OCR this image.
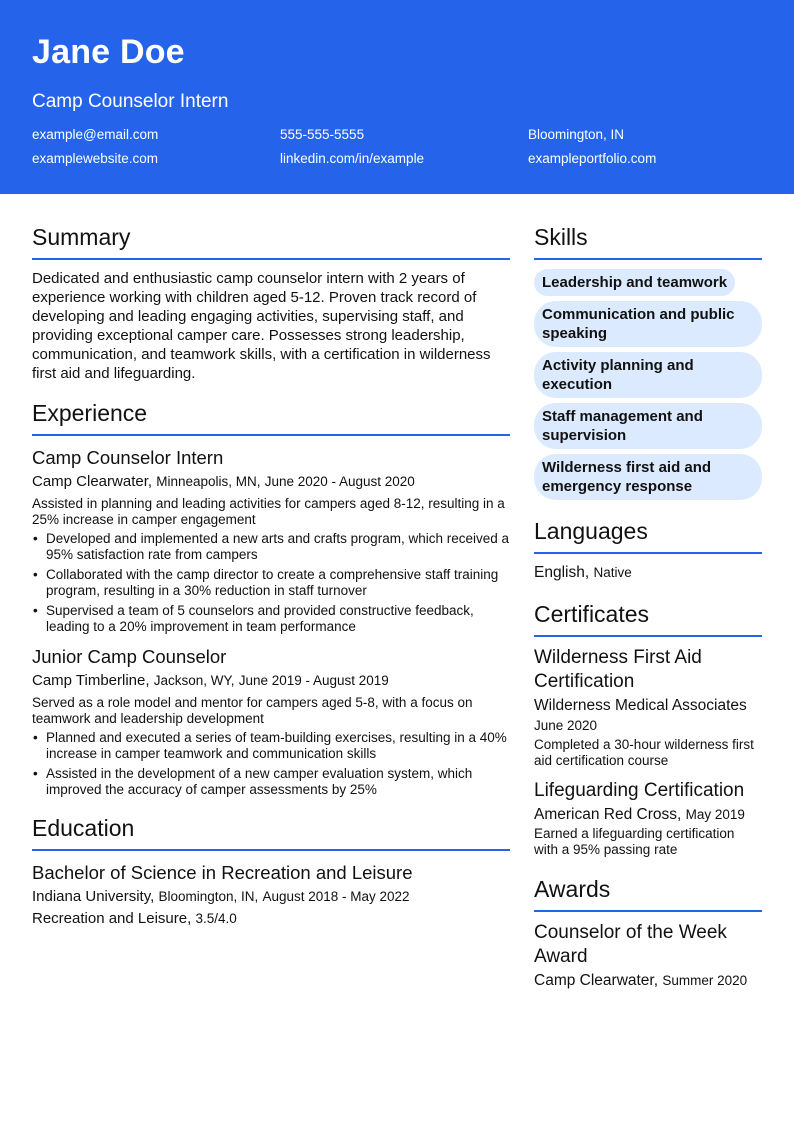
Jane Doe
Camp Counselor Intern
example@email.com	555-555-5555	Bloomington, IN
examplewebsite.com	linkedin.com/in/example	exampleportfolio.com
Summary

Dedicated and enthusiastic camp counselor intern with 2 years of experience working with children aged 5-12. Proven track record of developing and leading engaging activities, supervising staff, and providing exceptional camper care. Possesses strong leadership, communication, and teamwork skills, with a certification in wilderness first aid and lifeguarding.

Experience
Camp Counselor Intern
Camp Clearwater, Minneapolis, MN, June 2020 - August 2020
Assisted in planning and leading activities for campers aged 8-12, resulting in a 25% increase in camper engagement
• Developed and implemented a new arts and crafts program, which received a 95% satisfaction rate from campers
• Collaborated with the camp director to create a comprehensive staff training program, resulting in a 30% reduction in staff turnover
• Supervised a team of 5 counselors and provided constructive feedback, leading to a 20% improvement in team performance
Junior Camp Counselor
Camp Timberline, Jackson, WY, June 2019 - August 2019
Served as a role model and mentor for campers aged 5-8, with a focus on teamwork and leadership development
• Planned and executed a series of team-building exercises, resulting in a 40% increase in camper teamwork and communication skills
• Assisted in the development of a new camper evaluation system, which improved the accuracy of camper assessments by 25%
Education
Bachelor of Science in Recreation and Leisure
Indiana University, Bloomington, IN, August 2018 - May 2022
Recreation and Leisure, 3.5/4.0
Skills
Leadership and teamwork
Communication and public speaking
Activity planning and execution
Staff management and supervision
Wilderness first aid and emergency response
Languages
English, Native
Certificates
Wilderness First Aid Certification
Wilderness Medical Associates
June 2020
Completed a 30-hour wilderness first aid certification course
Lifeguarding Certification
American Red Cross, May 2019
Earned a lifeguarding certification with a 95% passing rate
Awards
Counselor of the Week Award
Camp Clearwater, Summer 2020
